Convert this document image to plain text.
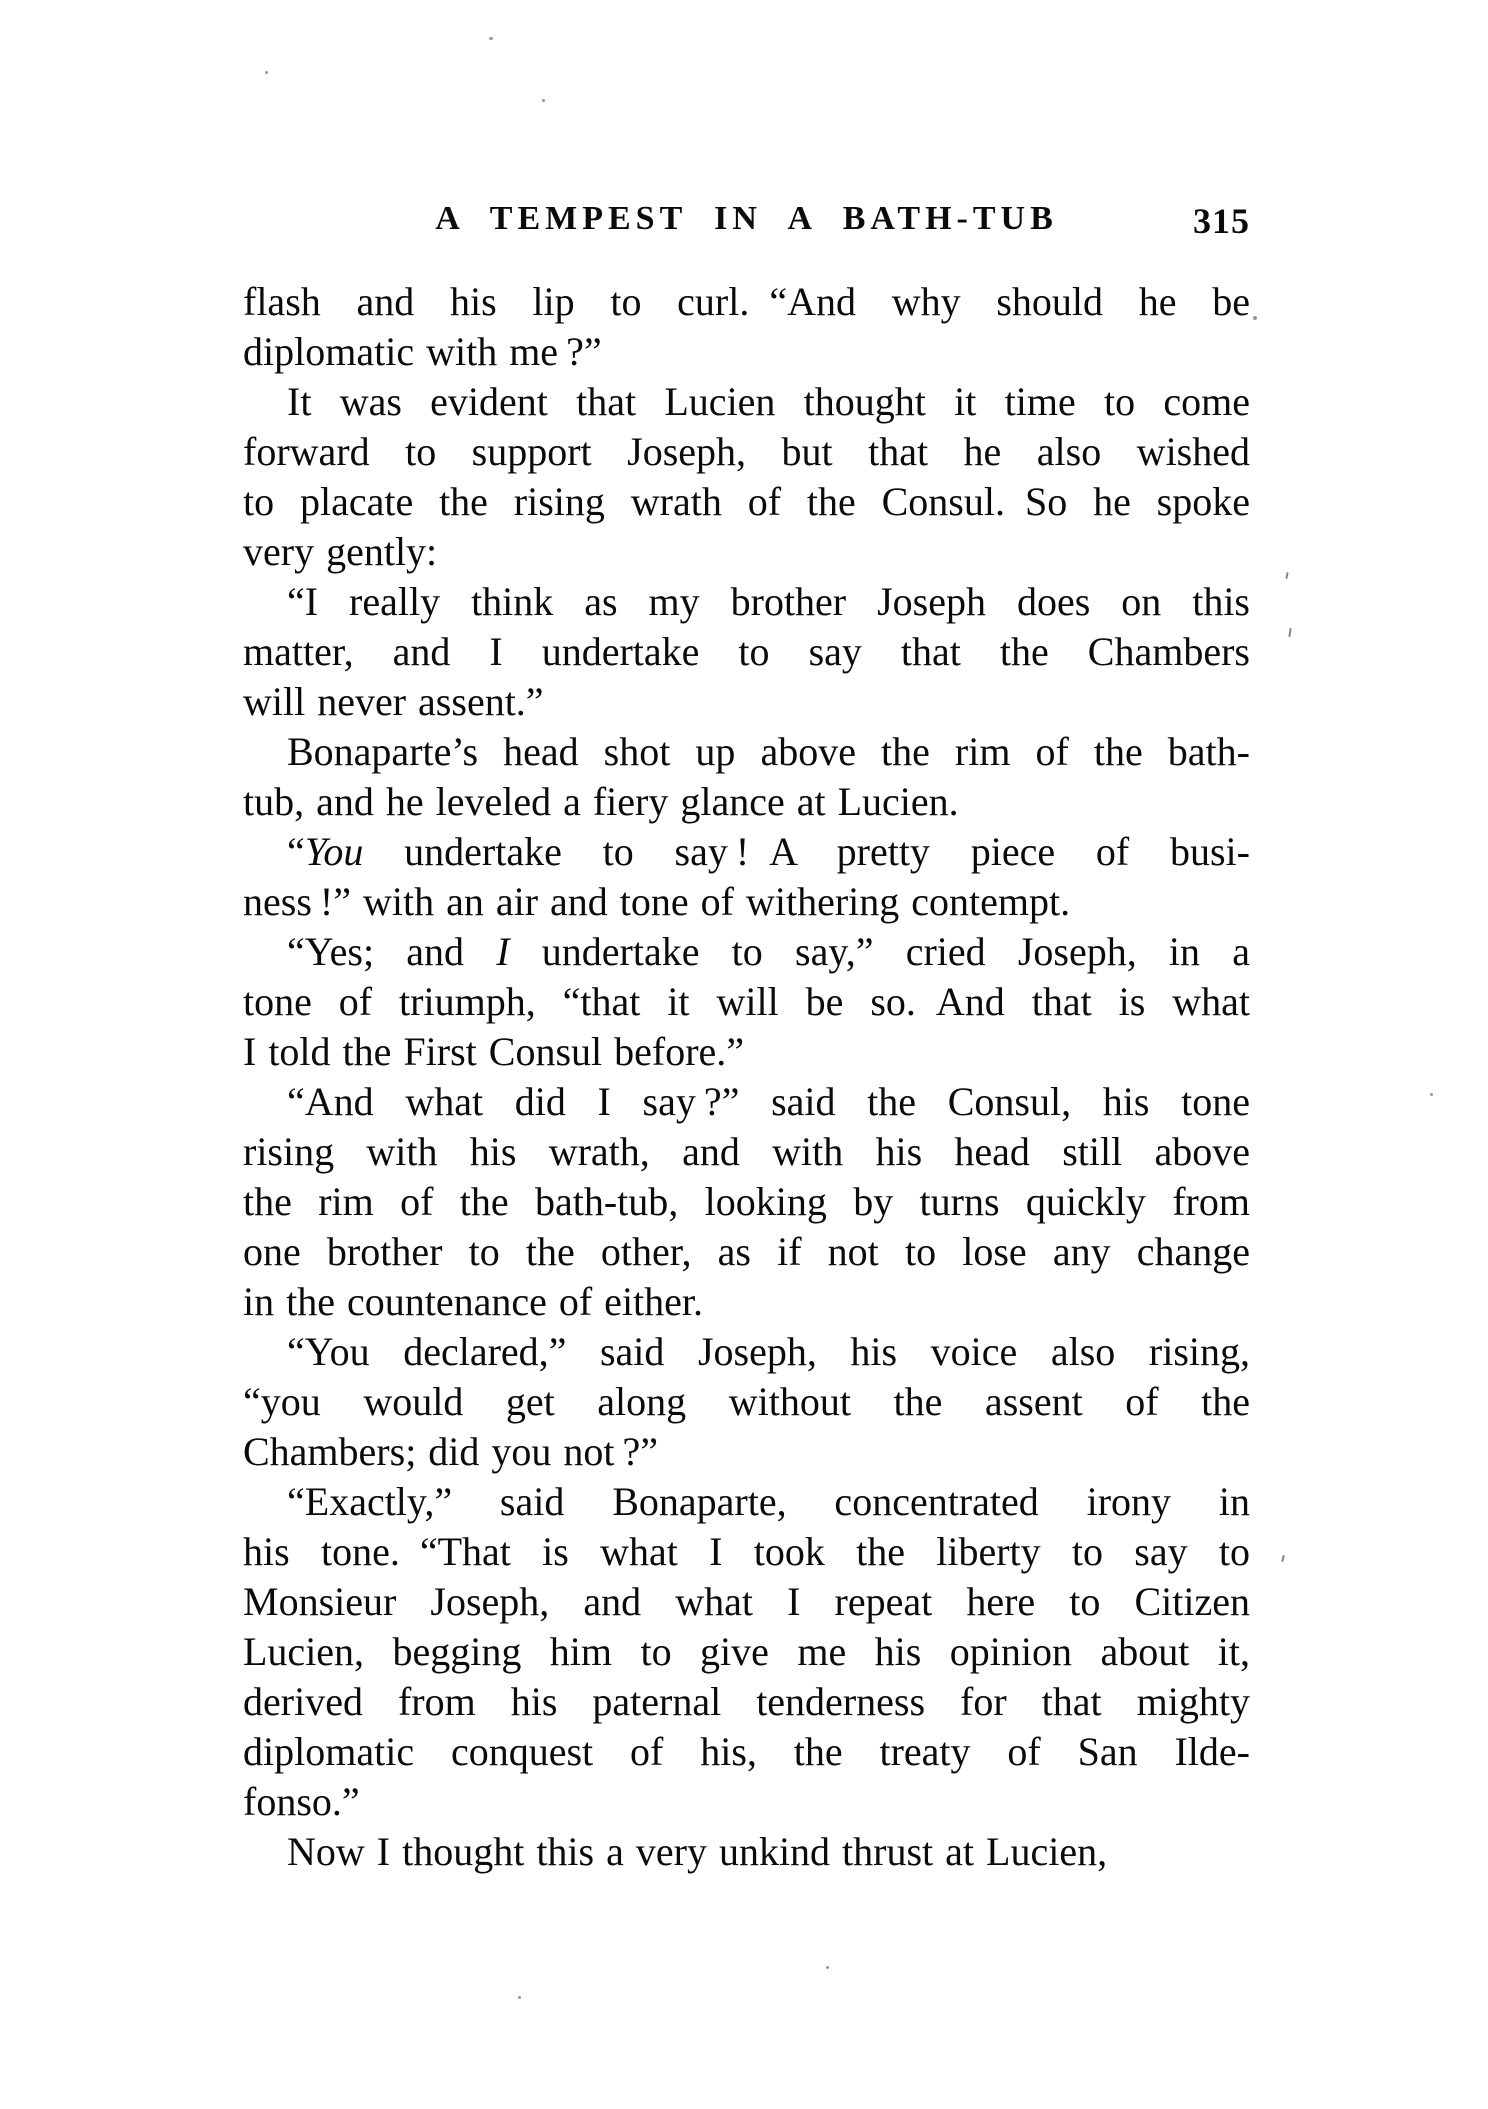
A TEMPEST IN A BATH-TUB	315
flash and his lip to curl. “And why should he be
diplomatic with me ?”
It was evident that Lucien thought it time to come
forward to support Joseph, but that he also wished
to placate the rising wrath of the Consul. So he spoke
very gently:
“I really think as my brother Joseph does on this
matter, and I undertake to say that the Chambers
will never assent.”
Bonaparte’s head shot up above the rim of the bath-
tub, and he leveled a fiery glance at Lucien.
“You undertake to say ! A pretty piece of busi-
ness !” with an air and tone of withering contempt.
“Yes; and I undertake to say,” cried Joseph, in a
tone of triumph, “that it will be so. And that is what
I told the First Consul before.”
“And what did I say ?” said the Consul, his tone
rising with his wrath, and with his head still above
the rim of the bath-tub, looking by turns quickly from
one brother to the other, as if not to lose any change
in the countenance of either.
“You declared,” said Joseph, his voice also rising,
“you would get along without the assent of the
Chambers; did you not ?”
“Exactly,” said Bonaparte, concentrated irony in
his tone. “That is what I took the liberty to say to
Monsieur Joseph, and what I repeat here to Citizen
Lucien, begging him to give me his opinion about it,
derived from his paternal tenderness for that mighty
diplomatic conquest of his, the treaty of San Ilde-
fonso.”
Now I thought this a very unkind thrust at Lucien,
